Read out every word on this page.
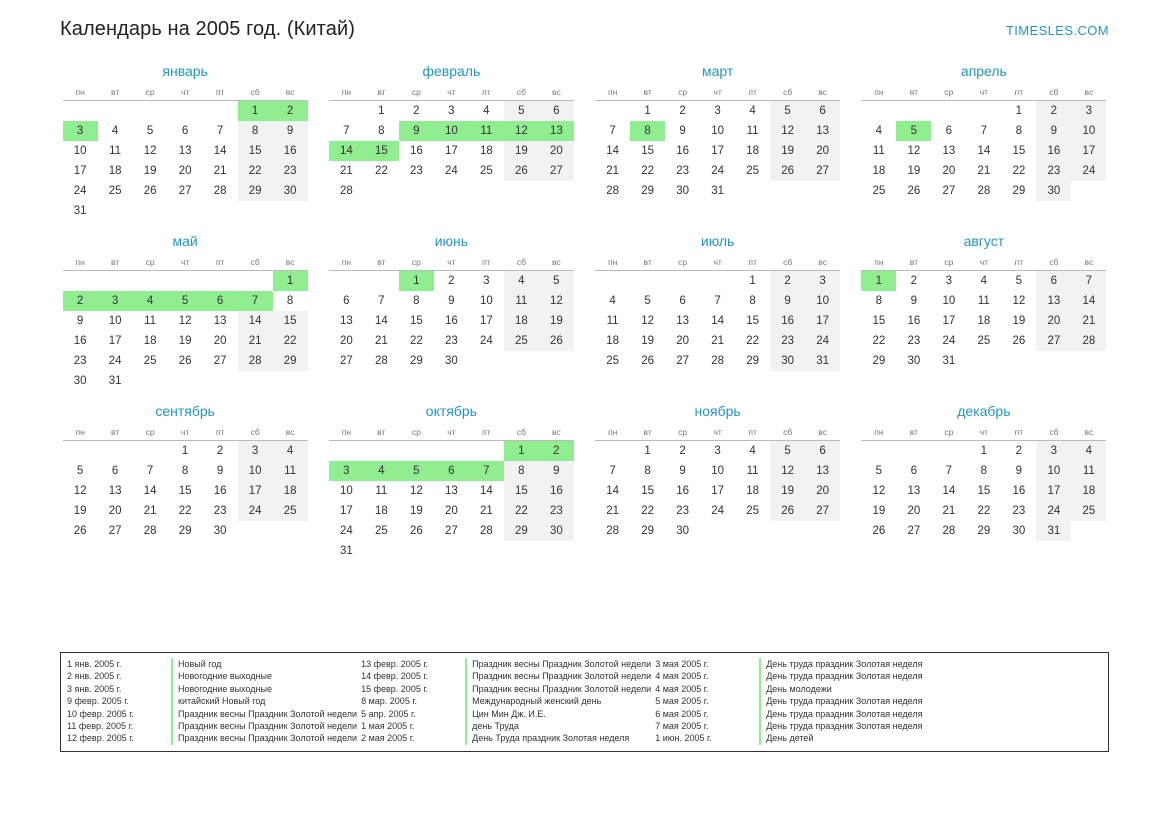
Календарь на 2005 год. (Китай)	TIMESLES.COM
январь
пн	вт	ср	чт	пт	сб	вс
					1	2
3	4	5	6	7	8	9
10	11	12	13	14	15	16
17	18	19	20	21	22	23
24	25	26	27	28	29	30
31						
февраль
пн	вт	ср	чт	пт	сб	вс
	1	2	3	4	5	6
7	8	9	10	11	12	13
14	15	16	17	18	19	20
21	22	23	24	25	26	27
28						
март
пн	вт	ср	чт	пт	сб	вс
	1	2	3	4	5	6
7	8	9	10	11	12	13
14	15	16	17	18	19	20
21	22	23	24	25	26	27
28	29	30	31			
апрель
пн	вт	ср	чт	пт	сб	вс
				1	2	3
4	5	6	7	8	9	10
11	12	13	14	15	16	17
18	19	20	21	22	23	24
25	26	27	28	29	30	
май
пн	вт	ср	чт	пт	сб	вс
						1
2	3	4	5	6	7	8
9	10	11	12	13	14	15
16	17	18	19	20	21	22
23	24	25	26	27	28	29
30	31					
июнь
пн	вт	ср	чт	пт	сб	вс
		1	2	3	4	5
6	7	8	9	10	11	12
13	14	15	16	17	18	19
20	21	22	23	24	25	26
27	28	29	30			
июль
пн	вт	ср	чт	пт	сб	вс
				1	2	3
4	5	6	7	8	9	10
11	12	13	14	15	16	17
18	19	20	21	22	23	24
25	26	27	28	29	30	31
август
пн	вт	ср	чт	пт	сб	вс
1	2	3	4	5	6	7
8	9	10	11	12	13	14
15	16	17	18	19	20	21
22	23	24	25	26	27	28
29	30	31				
сентябрь
пн	вт	ср	чт	пт	сб	вс
			1	2	3	4
5	6	7	8	9	10	11
12	13	14	15	16	17	18
19	20	21	22	23	24	25
26	27	28	29	30		
октябрь
пн	вт	ср	чт	пт	сб	вс
					1	2
3	4	5	6	7	8	9
10	11	12	13	14	15	16
17	18	19	20	21	22	23
24	25	26	27	28	29	30
31						
ноябрь
пн	вт	ср	чт	пт	сб	вс
	1	2	3	4	5	6
7	8	9	10	11	12	13
14	15	16	17	18	19	20
21	22	23	24	25	26	27
28	29	30				
декабрь
пн	вт	ср	чт	пт	сб	вс
			1	2	3	4
5	6	7	8	9	10	11
12	13	14	15	16	17	18
19	20	21	22	23	24	25
26	27	28	29	30	31	
1 янв. 2005 г.	Новый год
2 янв. 2005 г.	Новогодние выходные
3 янв. 2005 г.	Новогодние выходные
9 февр. 2005 г.	китайский Новый год
10 февр. 2005 г.	Праздник весны Праздник Золотой недели
11 февр. 2005 г.	Праздник весны Праздник Золотой недели
12 февр. 2005 г.	Праздник весны Праздник Золотой недели
13 февр. 2005 г.	Праздник весны Праздник Золотой недели
14 февр. 2005 г.	Праздник весны Праздник Золотой недели
15 февр. 2005 г.	Праздник весны Праздник Золотой недели
8 мар. 2005 г.	Международный женский день
5 апр. 2005 г.	Цин Мин Дж. И.Е.
1 мая 2005 г.	день Труда
2 мая 2005 г.	День Труда праздник Золотая неделя
3 мая 2005 г.	День труда праздник Золотая неделя
4 мая 2005 г.	День труда праздник Золотая неделя
4 мая 2005 г.	День молодежи
5 мая 2005 г.	День труда праздник Золотая неделя
6 мая 2005 г.	День труда праздник Золотая неделя
7 мая 2005 г.	День труда праздник Золотая неделя
1 июн. 2005 г.	День детей
